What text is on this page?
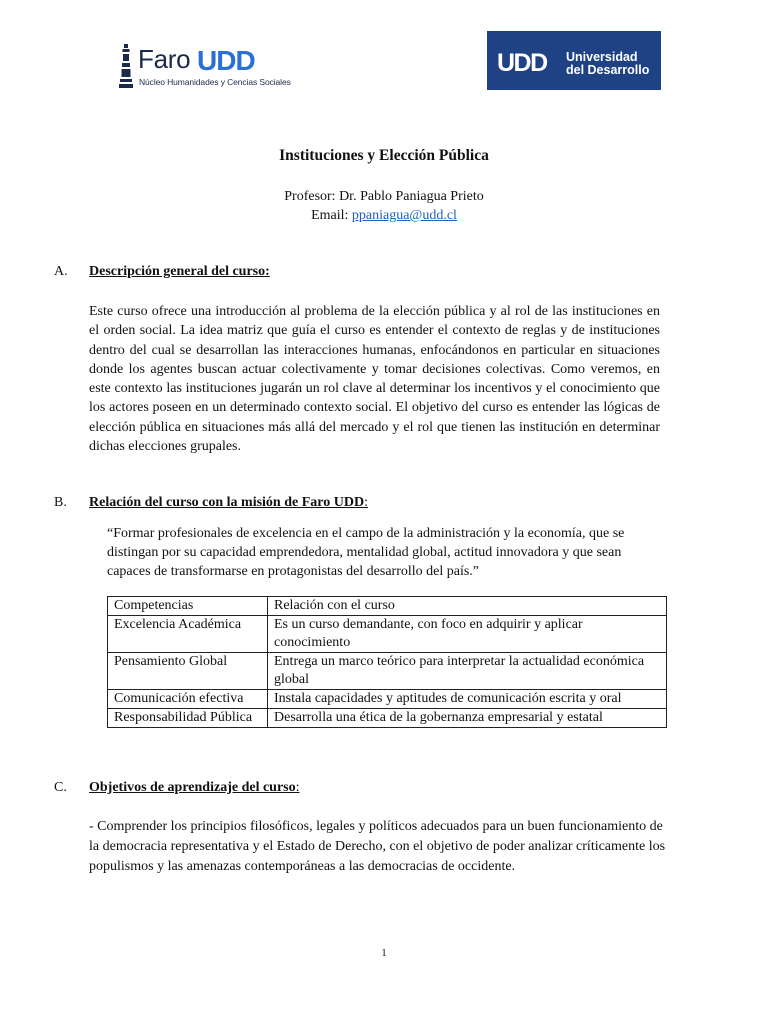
Faro UDD
Núcleo Humanidades y Cencias Sociales
UDD Universidad
del Desarrollo
Instituciones y Elección Pública
Profesor: Dr. Pablo Paniagua Prieto
Email: ppaniagua@udd.cl
A. Descripción general del curso:

Este curso ofrece una introducción al problema de la elección pública y al rol de las instituciones en el orden social. La idea matriz que guía el curso es entender el contexto de reglas y de instituciones dentro del cual se desarrollan las interacciones humanas, enfocándonos en particular en situaciones donde los agentes buscan actuar colectivamente y tomar decisiones colectivas. Como veremos, en este contexto las instituciones jugarán un rol clave al determinar los incentivos y el conocimiento que los actores poseen en un determinado contexto social. El objetivo del curso es entender las lógicas de elección pública en situaciones más allá del mercado y el rol que tienen las institución en determinar dichas elecciones grupales.

B. Relación del curso con la misión de Faro UDD:

“Formar profesionales de excelencia en el campo de la administración y la economía, que se distingan por su capacidad emprendedora, mentalidad global, actitud innovadora y que sean capaces de transformarse en protagonistas del desarrollo del país.”

Competencias	Relación con el curso
Excelencia Académica	Es un curso demandante, con foco en adquirir y aplicar conocimiento
Pensamiento Global	Entrega un marco teórico para interpretar la actualidad económica global
Comunicación efectiva	Instala capacidades y aptitudes de comunicación escrita y oral
Responsabilidad Pública	Desarrolla una ética de la gobernanza empresarial y estatal
C. Objetivos de aprendizaje del curso:

- Comprender los principios filosóficos, legales y políticos adecuados para un buen funcionamiento de la democracia representativa y el Estado de Derecho, con el objetivo de poder analizar críticamente los populismos y las amenazas contemporáneas a las democracias de occidente.

1
